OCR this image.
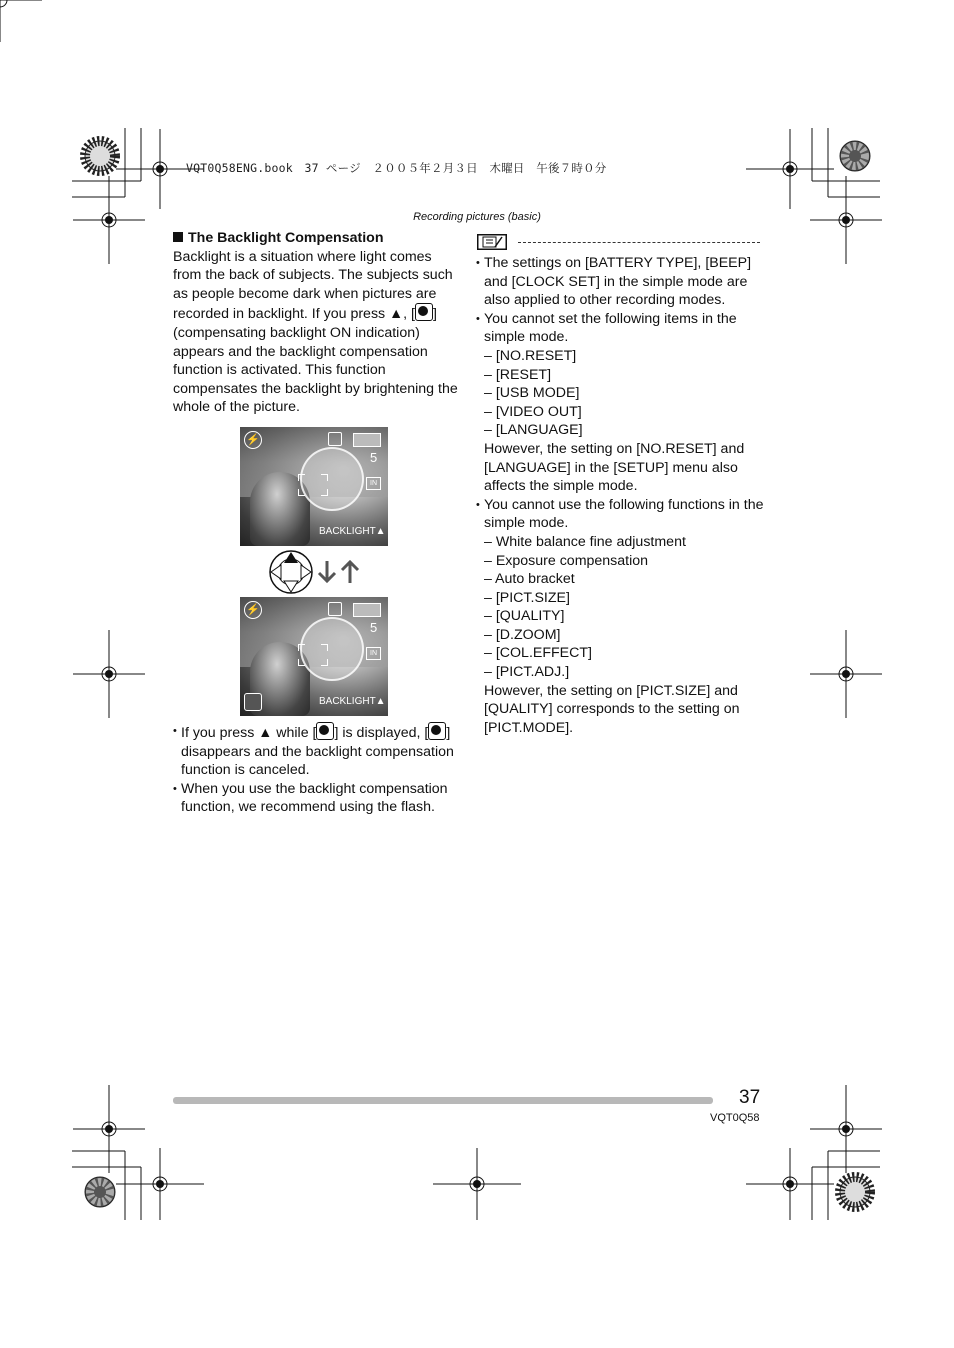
VQT0Q58ENG.book　37 ページ　２００５年２月３日　木曜日　午後７時０分
Recording pictures (basic)
The Backlight Compensation

Backlight is a situation where light comes from the back of subjects. The subjects such as people become dark when pictures are recorded in backlight. If you press ▲, [ ] (compensating backlight ON indication) appears and the backlight compensation function is activated. This function compensates the backlight by brightening the whole of the picture.

⚡
5
IN
BACKLIGHT▲
⚡
5
IN
BACKLIGHT▲
• If you press ▲ while [ ] is displayed, [ ] disappears and the backlight compensation function is canceled.
• When you use the backlight compensation function, we recommend using the flash.
• The settings on [BATTERY TYPE], [BEEP] and [CLOCK SET] in the simple mode are also applied to other recording modes.
• You cannot set the following items in the simple mode.
– [NO.RESET]
– [RESET]
– [USB MODE]
– [VIDEO OUT]
– [LANGUAGE]
However, the setting on [NO.RESET] and [LANGUAGE] in the [SETUP] menu also affects the simple mode.
• You cannot use the following functions in the simple mode.
– White balance fine adjustment
– Exposure compensation
– Auto bracket
– [PICT.SIZE]
– [QUALITY]
– [D.ZOOM]
– [COL.EFFECT]
– [PICT.ADJ.]
However, the setting on [PICT.SIZE] and [QUALITY] corresponds to the setting on [PICT.MODE].
37
VQT0Q58
